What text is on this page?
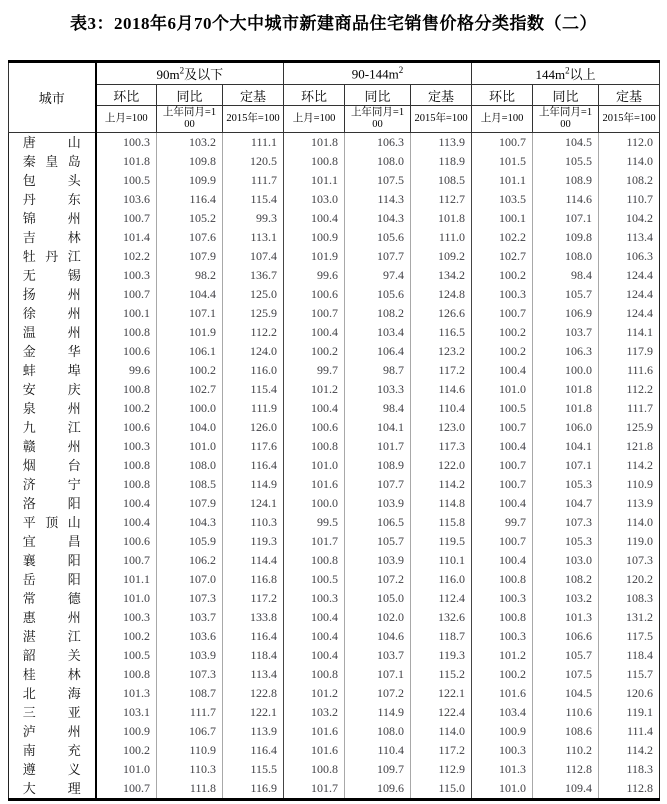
表3：2018年6月70个大中城市新建商品住宅销售价格分类指数（二）
城市	$90m^2$及以下			$90-144m^2$			$144m^2$以上		
	环比	同比	定基	环比	同比	定基	环比	同比	定基
	上月=100	上年同月=100	2015年=100	上月=100	上年同月=100	2015年=100	上月=100	上年同月=100	2015年=100

唐山	100.3	103.2	111.1	101.8	106.3	113.9	100.7	104.5	112.0

秦皇岛	101.8	109.8	120.5	100.8	108.0	118.9	101.5	105.5	114.0

包头	100.5	109.9	111.7	101.1	107.5	108.5	101.1	108.9	108.2

丹东	103.6	116.4	115.4	103.0	114.3	112.7	103.5	114.6	110.7

锦州	100.7	105.2	99.3	100.4	104.3	101.8	100.1	107.1	104.2

吉林	101.4	107.6	113.1	100.9	105.6	111.0	102.2	109.8	113.4

牡丹江	102.2	107.9	107.4	101.9	107.7	109.2	102.7	108.0	106.3

无锡	100.3	98.2	136.7	99.6	97.4	134.2	100.2	98.4	124.4

扬州	100.7	104.4	125.0	100.6	105.6	124.8	100.3	105.7	124.4

徐州	100.1	107.1	125.9	100.7	108.2	126.6	100.7	106.9	124.4

温州	100.8	101.9	112.2	100.4	103.4	116.5	100.2	103.7	114.1

金华	100.6	106.1	124.0	100.2	106.4	123.2	100.2	106.3	117.9

蚌埠	99.6	100.2	116.0	99.7	98.7	117.2	100.4	100.0	111.6

安庆	100.8	102.7	115.4	101.2	103.3	114.6	101.0	101.8	112.2

泉州	100.2	100.0	111.9	100.4	98.4	110.4	100.5	101.8	111.7

九江	100.6	104.0	126.0	100.6	104.1	123.0	100.7	106.0	125.9

赣州	100.3	101.0	117.6	100.8	101.7	117.3	100.4	104.1	121.8

烟台	100.8	108.0	116.4	101.0	108.9	122.0	100.7	107.1	114.2

济宁	100.8	108.5	114.9	101.6	107.7	114.2	100.7	105.3	110.9

洛阳	100.4	107.9	124.1	100.0	103.9	114.8	100.4	104.7	113.9

平顶山	100.4	104.3	110.3	99.5	106.5	115.8	99.7	107.3	114.0

宜昌	100.6	105.9	119.3	101.7	105.7	119.5	100.7	105.3	119.0

襄阳	100.7	106.2	114.4	100.8	103.9	110.1	100.4	103.0	107.3

岳阳	101.1	107.0	116.8	100.5	107.2	116.0	100.8	108.2	120.2

常德	101.0	107.3	117.2	100.3	105.0	112.4	100.3	103.2	108.3

惠州	100.3	103.7	133.8	100.4	102.0	132.6	100.8	101.3	131.2

湛江	100.2	103.6	116.4	100.4	104.6	118.7	100.3	106.6	117.5

韶关	100.5	103.9	118.4	100.4	103.7	119.3	101.2	105.7	118.4

桂林	100.8	107.3	113.4	100.8	107.1	115.2	100.2	107.5	115.7

北海	101.3	108.7	122.8	101.2	107.2	122.1	101.6	104.5	120.6

三亚	103.1	111.7	122.1	103.2	114.9	122.4	103.4	110.6	119.1

泸州	100.9	106.7	113.9	101.6	108.0	114.0	100.9	108.6	111.4

南充	100.2	110.9	116.4	101.6	110.4	117.2	100.3	110.2	114.2

遵义	101.0	110.3	115.5	100.8	109.7	112.9	101.3	112.8	118.3

大理	100.7	111.8	116.9	101.7	109.6	115.0	101.0	109.4	112.8
